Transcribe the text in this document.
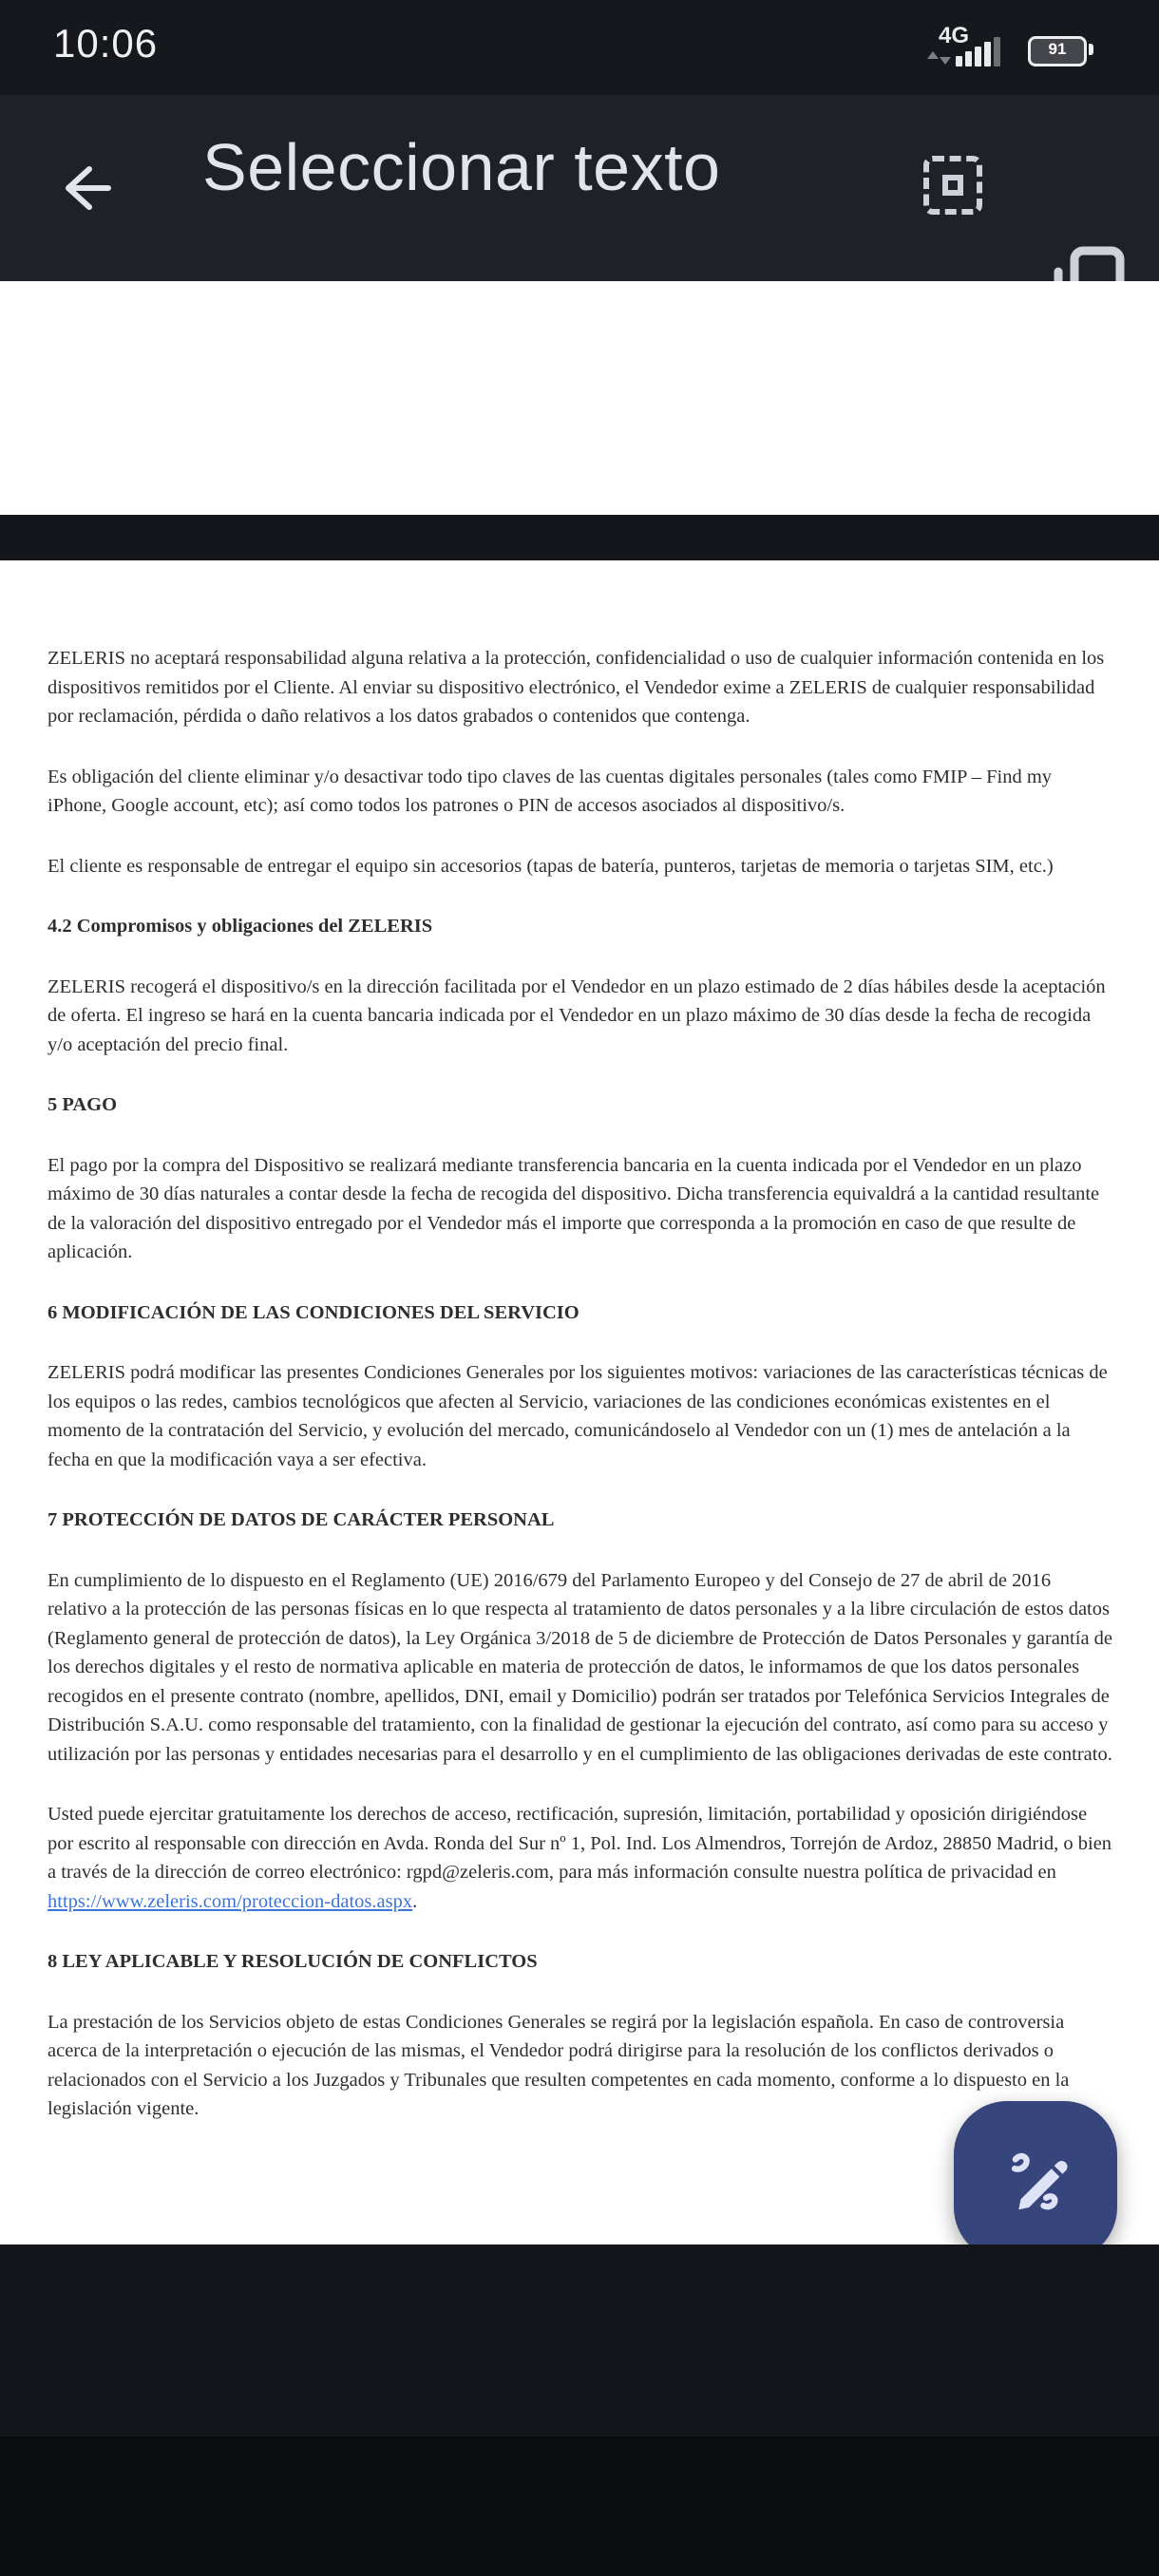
10:06	4G
91
Seleccionar texto
ZELERIS no aceptará responsabilidad alguna relativa a la protección, confidencialidad o uso de cualquier información contenida en los dispositivos remitidos por el Cliente. Al enviar su dispositivo electrónico, el Vendedor exime a ZELERIS de cualquier responsabilidad por reclamación, pérdida o daño relativos a los datos grabados o contenidos que contenga.
Es obligación del cliente eliminar y/o desactivar todo tipo claves de las cuentas digitales personales (tales como FMIP – Find my iPhone, Google account, etc); así como todos los patrones o PIN de accesos asociados al dispositivo/s.
El cliente es responsable de entregar el equipo sin accesorios (tapas de batería, punteros, tarjetas de memoria o tarjetas SIM, etc.)
4.2 Compromisos y obligaciones del ZELERIS
ZELERIS recogerá el dispositivo/s en la dirección facilitada por el Vendedor en un plazo estimado de 2 días hábiles desde la aceptación de oferta. El ingreso se hará en la cuenta bancaria indicada por el Vendedor en un plazo máximo de 30 días desde la fecha de recogida y/o aceptación del precio final.
5 PAGO
El pago por la compra del Dispositivo se realizará mediante transferencia bancaria en la cuenta indicada por el Vendedor en un plazo máximo de 30 días naturales a contar desde la fecha de recogida del dispositivo. Dicha transferencia equivaldrá a la cantidad resultante de la valoración del dispositivo entregado por el Vendedor más el importe que corresponda a la promoción en caso de que resulte de aplicación.
6 MODIFICACIÓN DE LAS CONDICIONES DEL SERVICIO
ZELERIS podrá modificar las presentes Condiciones Generales por los siguientes motivos: variaciones de las características técnicas de los equipos o las redes, cambios tecnológicos que afecten al Servicio, variaciones de las condiciones económicas existentes en el momento de la contratación del Servicio, y evolución del mercado, comunicándoselo al Vendedor con un (1) mes de antelación a la fecha en que la modificación vaya a ser efectiva.
7 PROTECCIÓN DE DATOS DE CARÁCTER PERSONAL
En cumplimiento de lo dispuesto en el Reglamento (UE) 2016/679 del Parlamento Europeo y del Consejo de 27 de abril de 2016 relativo a la protección de las personas físicas en lo que respecta al tratamiento de datos personales y a la libre circulación de estos datos (Reglamento general de protección de datos), la Ley Orgánica 3/2018 de 5 de diciembre de Protección de Datos Personales y garantía de los derechos digitales y el resto de normativa aplicable en materia de protección de datos, le informamos de que los datos personales recogidos en el presente contrato (nombre, apellidos, DNI, email y Domicilio) podrán ser tratados por Telefónica Servicios Integrales de Distribución S.A.U. como responsable del tratamiento, con la finalidad de gestionar la ejecución del contrato, así como para su acceso y utilización por las personas y entidades necesarias para el desarrollo y en el cumplimiento de las obligaciones derivadas de este contrato.
Usted puede ejercitar gratuitamente los derechos de acceso, rectificación, supresión, limitación, portabilidad y oposición dirigiéndose por escrito al responsable con dirección en Avda. Ronda del Sur nº 1, Pol. Ind. Los Almendros, Torrejón de Ardoz, 28850 Madrid, o bien a través de la dirección de correo electrónico: rgpd@zeleris.com, para más información consulte nuestra política de privacidad en https://www.zeleris.com/proteccion-datos.aspx.
8 LEY APLICABLE Y RESOLUCIÓN DE CONFLICTOS
La prestación de los Servicios objeto de estas Condiciones Generales se regirá por la legislación española. En caso de controversia acerca de la interpretación o ejecución de las mismas, el Vendedor podrá dirigirse para la resolución de los conflictos derivados o relacionados con el Servicio a los Juzgados y Tribunales que resulten competentes en cada momento, conforme a lo dispuesto en la legislación vigente.
